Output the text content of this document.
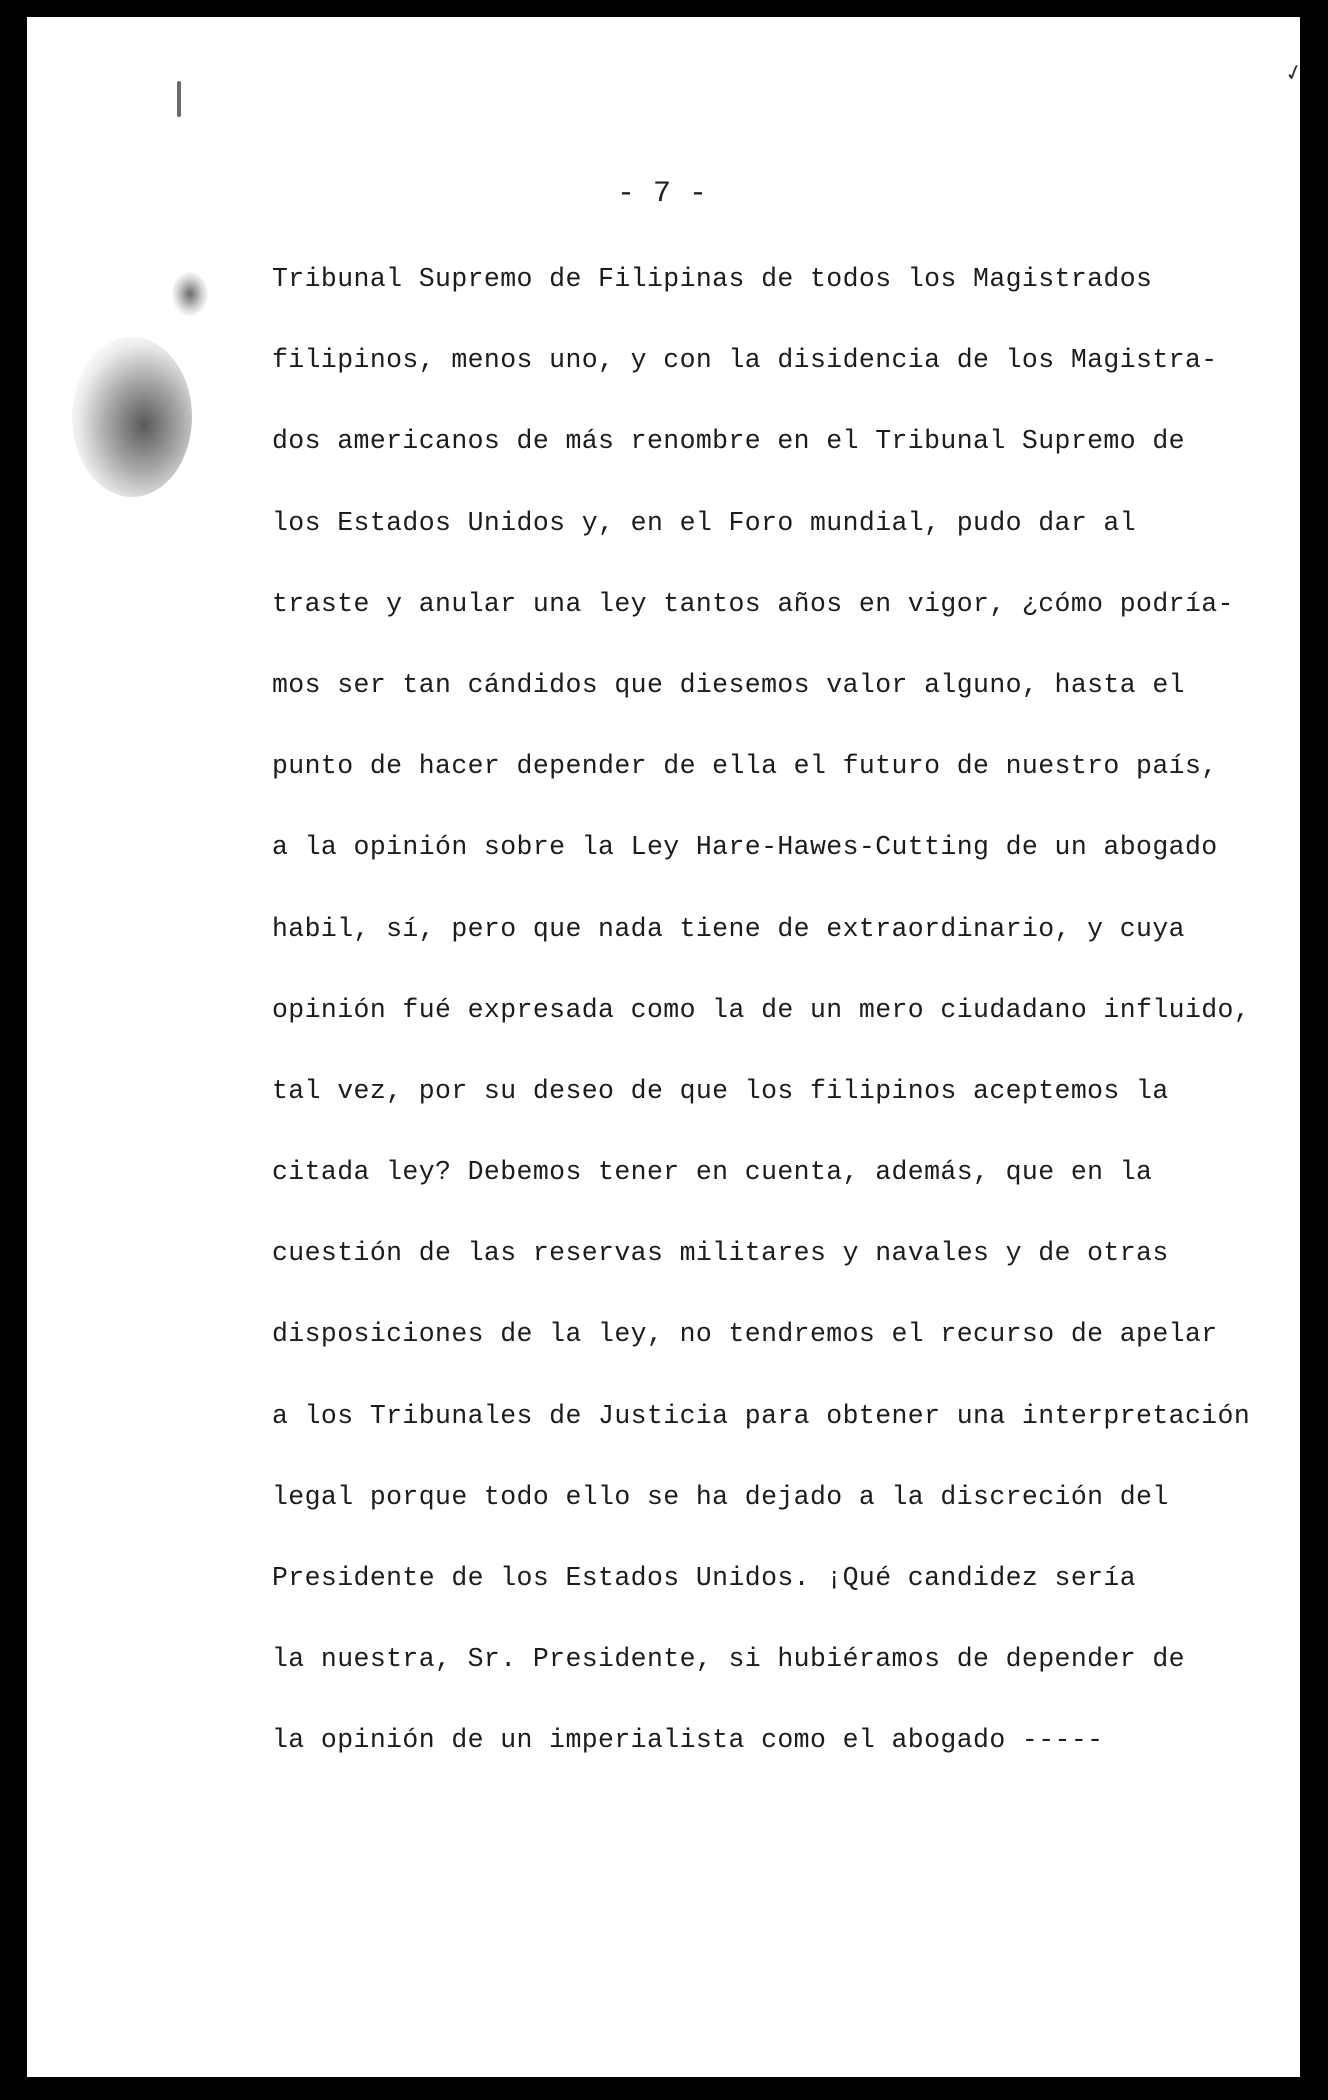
✓
- 7 -
Tribunal Supremo de Filipinas de todos los Magistrados
filipinos, menos uno, y con la disidencia de los Magistra-
dos americanos de más renombre en el Tribunal Supremo de
los Estados Unidos y, en el Foro mundial, pudo dar al
traste y anular una ley tantos años en vigor, ¿cómo podría-
mos ser tan cándidos que diesemos valor alguno, hasta el
punto de hacer depender de ella el futuro de nuestro país,
a la opinión sobre la Ley Hare-Hawes-Cutting de un abogado
habil, sí, pero que nada tiene de extraordinario, y cuya
opinión fué expresada como la de un mero ciudadano influido,
tal vez, por su deseo de que los filipinos aceptemos la
citada ley? Debemos tener en cuenta, además, que en la
cuestión de las reservas militares y navales y de otras
disposiciones de la ley, no tendremos el recurso de apelar
a los Tribunales de Justicia para obtener una interpretación
legal porque todo ello se ha dejado a la discreción del
Presidente de los Estados Unidos. ¡Qué candidez sería
la nuestra, Sr. Presidente, si hubiéramos de depender de
la opinión de un imperialista como el abogado -----
